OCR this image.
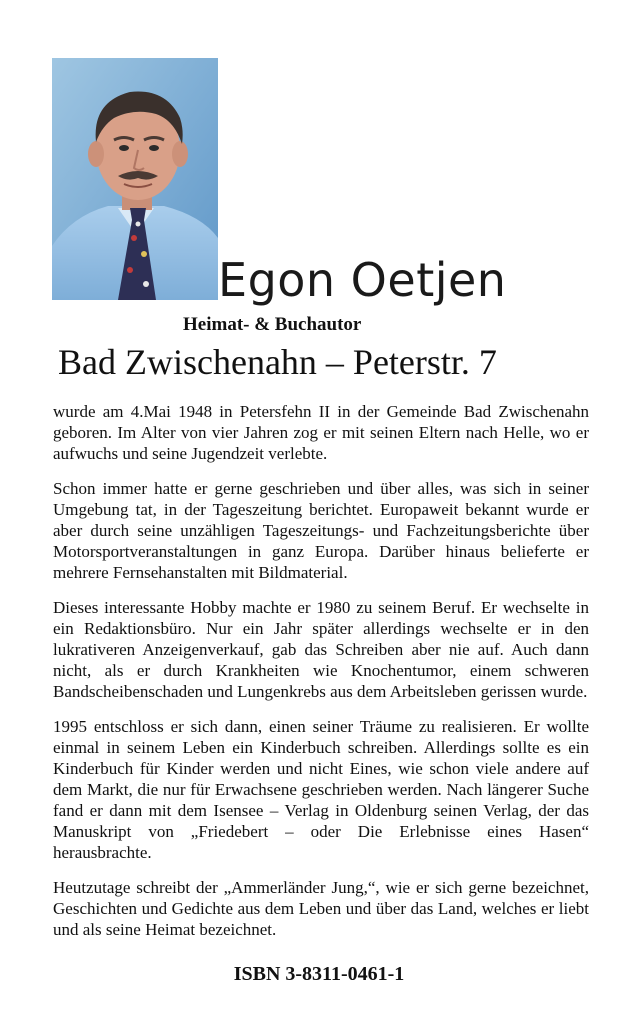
Egon Oetjen
Heimat- & Buchautor
Bad Zwischenahn – Peterstr. 7

wurde am 4.Mai 1948 in Petersfehn II in der Gemeinde Bad Zwischenahn geboren. Im Alter von vier Jahren zog er mit seinen Eltern nach Helle, wo er aufwuchs und seine Jugendzeit verlebte.

Schon immer hatte er gerne geschrieben und über alles, was sich in seiner Umgebung tat, in der Tageszeitung berichtet. Europaweit bekannt wurde er aber durch seine unzähligen Tageszeitungs- und Fachzeitungsberichte über Motorsportveranstaltungen in ganz Europa. Darüber hinaus belieferte er mehrere Fernsehanstalten mit Bildmaterial.

Dieses interessante Hobby machte er 1980 zu seinem Beruf. Er wechselte in ein Redaktionsbüro. Nur ein Jahr später allerdings wechselte er in den lukrativeren Anzeigenverkauf, gab das Schreiben aber nie auf. Auch dann nicht, als er durch Krankheiten wie Knochentumor, einem schweren Bandscheibenschaden und Lungenkrebs aus dem Arbeitsleben gerissen wurde.

1995 entschloss er sich dann, einen seiner Träume zu realisieren. Er wollte einmal in seinem Leben ein Kinderbuch schreiben. Allerdings sollte es ein Kinderbuch für Kinder werden und nicht Eines, wie schon viele andere auf dem Markt, die nur für Erwachsene geschrieben werden. Nach längerer Suche fand er dann mit dem Isensee – Verlag in Oldenburg seinen Verlag, der das Manuskript von „Friedebert – oder Die Erlebnisse eines Hasen“ herausbrachte.

Heutzutage schreibt der „Ammerländer Jung,“, wie er sich gerne bezeichnet, Geschichten und Gedichte aus dem Leben und über das Land, welches er liebt und als seine Heimat bezeichnet.

ISBN 3-8311-0461-1
